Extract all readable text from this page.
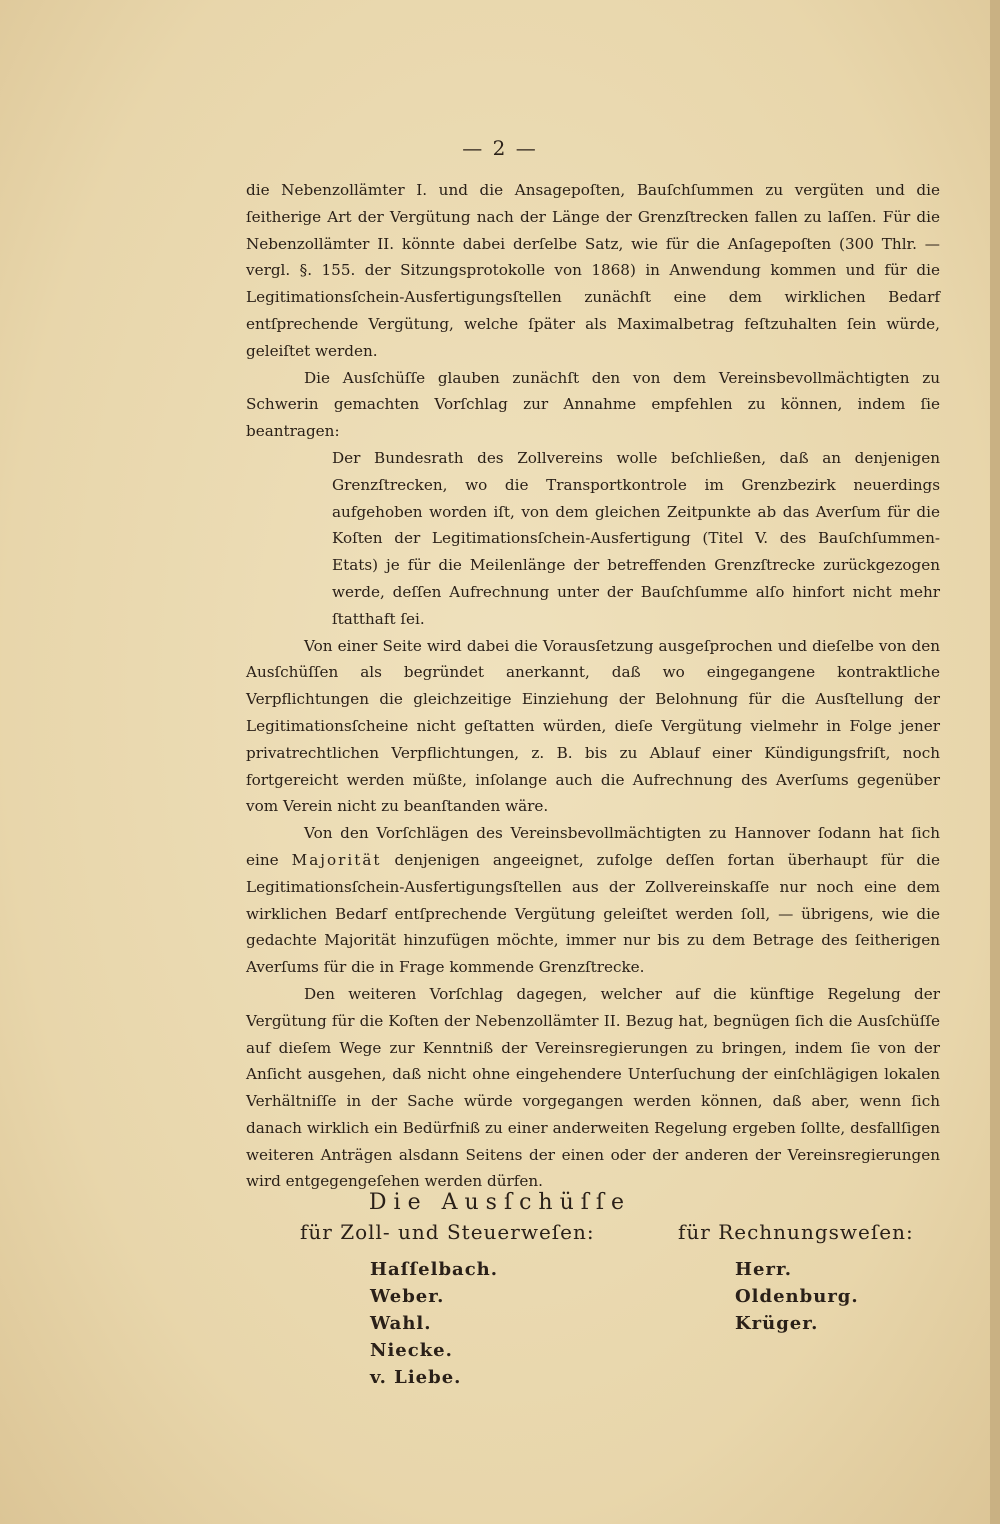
— 2 —

die Nebenzollämter I. und die Ansagepoſten, Bauſchſummen zu vergüten und die ſeitherige Art der Vergütung nach der Länge der Grenzſtrecken fallen zu laſſen. Für die Nebenzollämter II. könnte dabei derſelbe Satz, wie für die Anſagepoſten (300 Thlr. — vergl. §. 155. der Sitzungsprotokolle von 1868) in Anwendung kommen und für die Legitimationsſchein-Ausfertigungsſtellen zunächſt eine dem wirklichen Bedarf entſprechende Vergütung, welche ſpäter als Maximalbetrag feſtzuhalten ſein würde, geleiſtet werden.

Die Ausſchüſſe glauben zunächſt den von dem Vereinsbevollmächtigten zu Schwerin gemachten Vorſchlag zur Annahme empfehlen zu können, indem ſie beantragen:

Der Bundesrath des Zollvereins wolle beſchließen, daß an denjenigen Grenzſtrecken, wo die Transportkontrole im Grenzbezirk neuerdings aufgehoben worden iſt, von dem gleichen Zeitpunkte ab das Averſum für die Koſten der Legitimationsſchein-Ausfertigung (Titel V. des Bauſchſummen-Etats) je für die Meilenlänge der betreffenden Grenzſtrecke zurückgezogen werde, deſſen Aufrechnung unter der Bauſchſumme alſo hinfort nicht mehr ſtatthaft ſei.

Von einer Seite wird dabei die Vorausſetzung ausgeſprochen und dieſelbe von den Ausſchüſſen als begründet anerkannt, daß wo eingegangene kontraktliche Verpflichtungen die gleichzeitige Einziehung der Belohnung für die Ausſtellung der Legitimationsſcheine nicht geſtatten würden, dieſe Vergütung vielmehr in Folge jener privatrechtlichen Verpflichtungen, z. B. bis zu Ablauf einer Kündigungsfriſt, noch fortgereicht werden müßte, inſolange auch die Aufrechnung des Averſums gegenüber vom Verein nicht zu beanſtanden wäre.

Von den Vorſchlägen des Vereinsbevollmächtigten zu Hannover ſodann hat ſich eine Majorität denjenigen angeeignet, zufolge deſſen fortan überhaupt für die Legitimationsſchein-Ausfertigungsſtellen aus der Zollvereinskaſſe nur noch eine dem wirklichen Bedarf entſprechende Vergütung geleiſtet werden ſoll, — übrigens, wie die gedachte Majorität hinzufügen möchte, immer nur bis zu dem Betrage des ſeitherigen Averſums für die in Frage kommende Grenzſtrecke.

Den weiteren Vorſchlag dagegen, welcher auf die künftige Regelung der Vergütung für die Koſten der Nebenzollämter II. Bezug hat, begnügen ſich die Ausſchüſſe auf dieſem Wege zur Kenntniß der Vereinsregierungen zu bringen, indem ſie von der Anſicht ausgehen, daß nicht ohne eingehendere Unterſuchung der einſchlägigen lokalen Verhältniſſe in der Sache würde vorgegangen werden können, daß aber, wenn ſich danach wirklich ein Bedürfniß zu einer anderweiten Regelung ergeben ſollte, desfallſigen weiteren Anträgen alsdann Seitens der einen oder der anderen der Vereinsregierungen wird entgegengeſehen werden dürfen.

Die Ausſchüſſe
für Zoll- und Steuerweſen:	für Rechnungsweſen:
Haſſelbach.
Weber.
Wahl.
Niecke.
v. Liebe.
Herr.
Oldenburg.
Krüger.
